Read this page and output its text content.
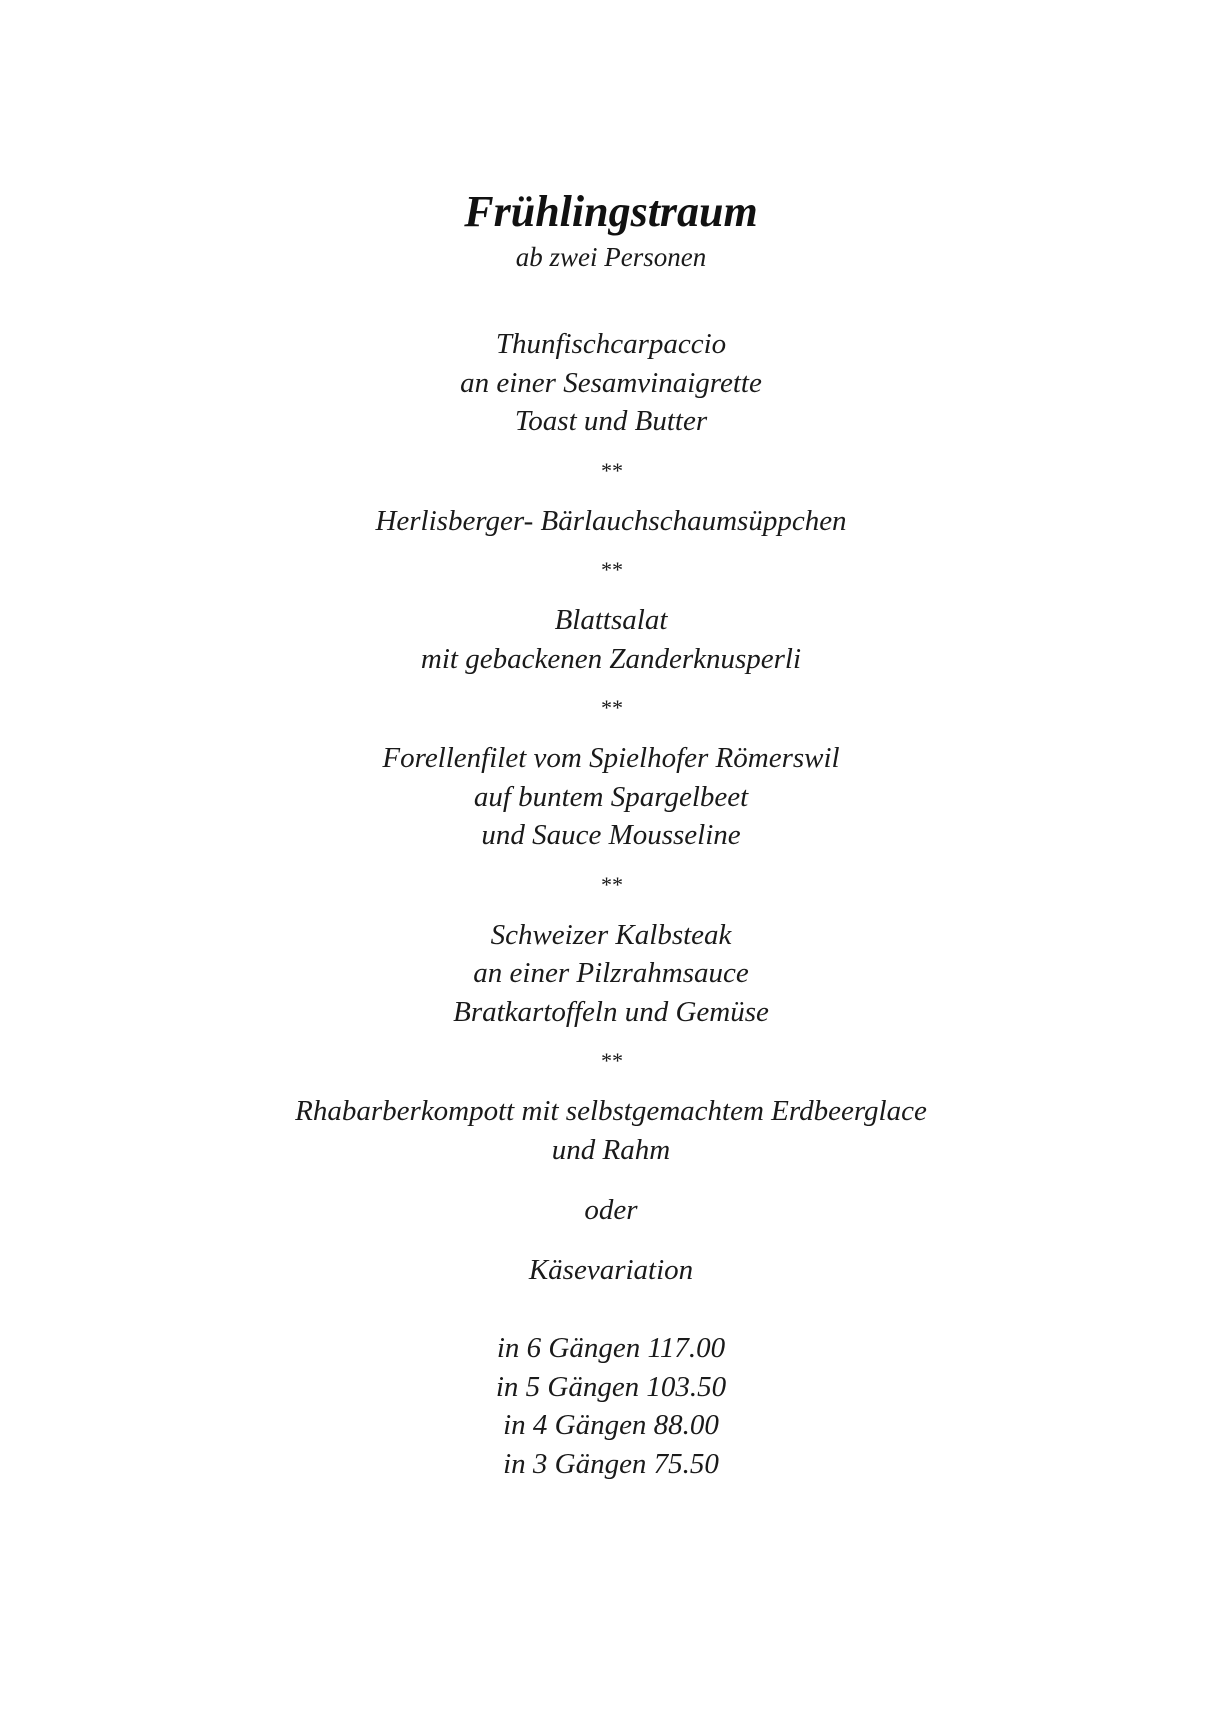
Frühlingstraum
ab zwei Personen
Thunfischcarpaccio
an einer Sesamvinaigrette
Toast und Butter
**
Herlisberger- Bärlauchschaumsüppchen
**
Blattsalat
mit gebackenen Zanderknusperli
**
Forellenfilet vom Spielhofer Römerswil
auf buntem Spargelbeet
und Sauce Mousseline
**
Schweizer Kalbsteak
an einer Pilzrahmsauce
Bratkartoffeln und Gemüse
**
Rhabarberkompott mit selbstgemachtem Erdbeerglace
und Rahm
oder
Käsevariation
in 6 Gängen 117.00
in 5 Gängen 103.50
in 4 Gängen 88.00
in 3 Gängen 75.50
